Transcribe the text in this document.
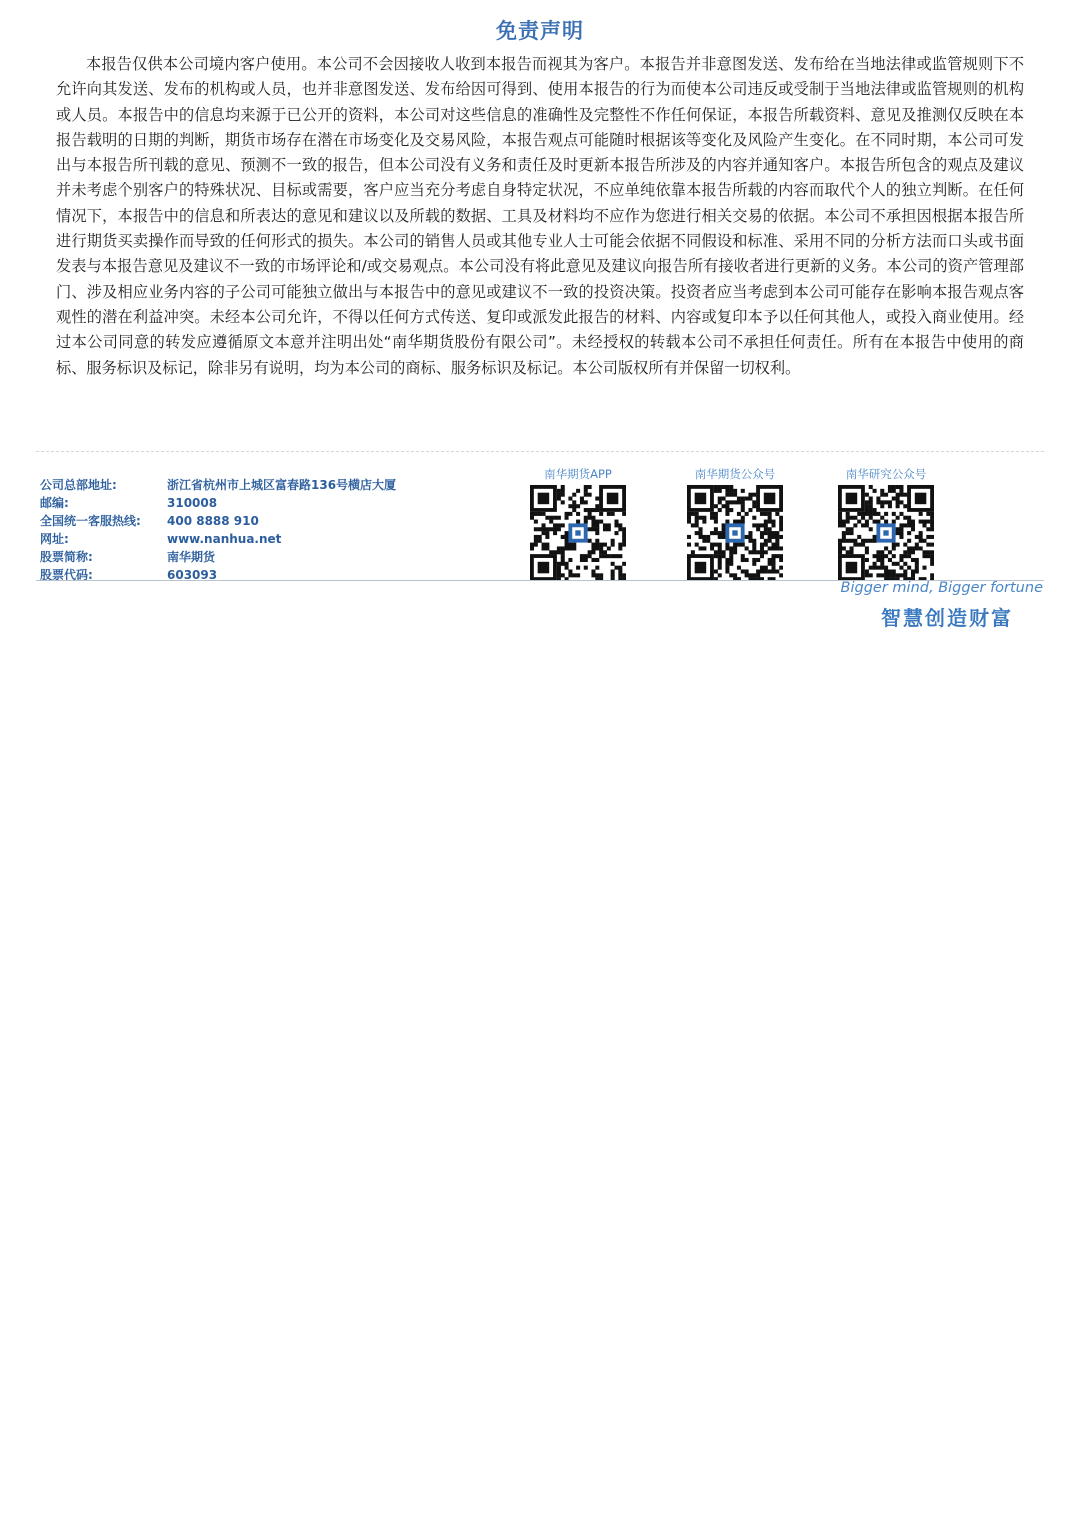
免责声明
本报告仅供本公司境内客户使用。本公司不会因接收人收到本报告而视其为客户。本报告并非意图发送、发布给在当地法律或监管规则下不允许向其发送、发布的机构或人员，也并非意图发送、发布给因可得到、使用本报告的行为而使本公司违反或受制于当地法律或监管规则的机构或人员。本报告中的信息均来源于已公开的资料，本公司对这些信息的准确性及完整性不作任何保证，本报告所载资料、意见及推测仅反映在本报告载明的日期的判断，期货市场存在潜在市场变化及交易风险，本报告观点可能随时根据该等变化及风险产生变化。在不同时期，本公司可发出与本报告所刊载的意见、预测不一致的报告，但本公司没有义务和责任及时更新本报告所涉及的内容并通知客户。本报告所包含的观点及建议并未考虑个别客户的特殊状况、目标或需要，客户应当充分考虑自身特定状况，不应单纯依靠本报告所载的内容而取代个人的独立判断。在任何情况下，本报告中的信息和所表达的意见和建议以及所载的数据、工具及材料均不应作为您进行相关交易的依据。本公司不承担因根据本报告所进行期货买卖操作而导致的任何形式的损失。本公司的销售人员或其他专业人士可能会依据不同假设和标准、采用不同的分析方法而口头或书面发表与本报告意见及建议不一致的市场评论和/或交易观点。本公司没有将此意见及建议向报告所有接收者进行更新的义务。本公司的资产管理部门、涉及相应业务内容的子公司可能独立做出与本报告中的意见或建议不一致的投资决策。投资者应当考虑到本公司可能存在影响本报告观点客观性的潜在利益冲突。未经本公司允许，不得以任何方式传送、复印或派发此报告的材料、内容或复印本予以任何其他人，或投入商业使用。经过本公司同意的转发应遵循原文本意并注明出处“南华期货股份有限公司”。未经授权的转载本公司不承担任何责任。所有在本报告中使用的商标、服务标识及标记，除非另有说明，均为本公司的商标、服务标识及标记。本公司版权所有并保留一切权利。
公司总部地址:	浙江省杭州市上城区富春路136号横店大厦
邮编:	310008
全国统一客服热线:	400 8888 910
网址:	www.nanhua.net
股票简称:	南华期货
股票代码:	603093
南华期货APP	南华期货公众号	南华研究公众号
Bigger mind, Bigger fortune
智慧创造财富
